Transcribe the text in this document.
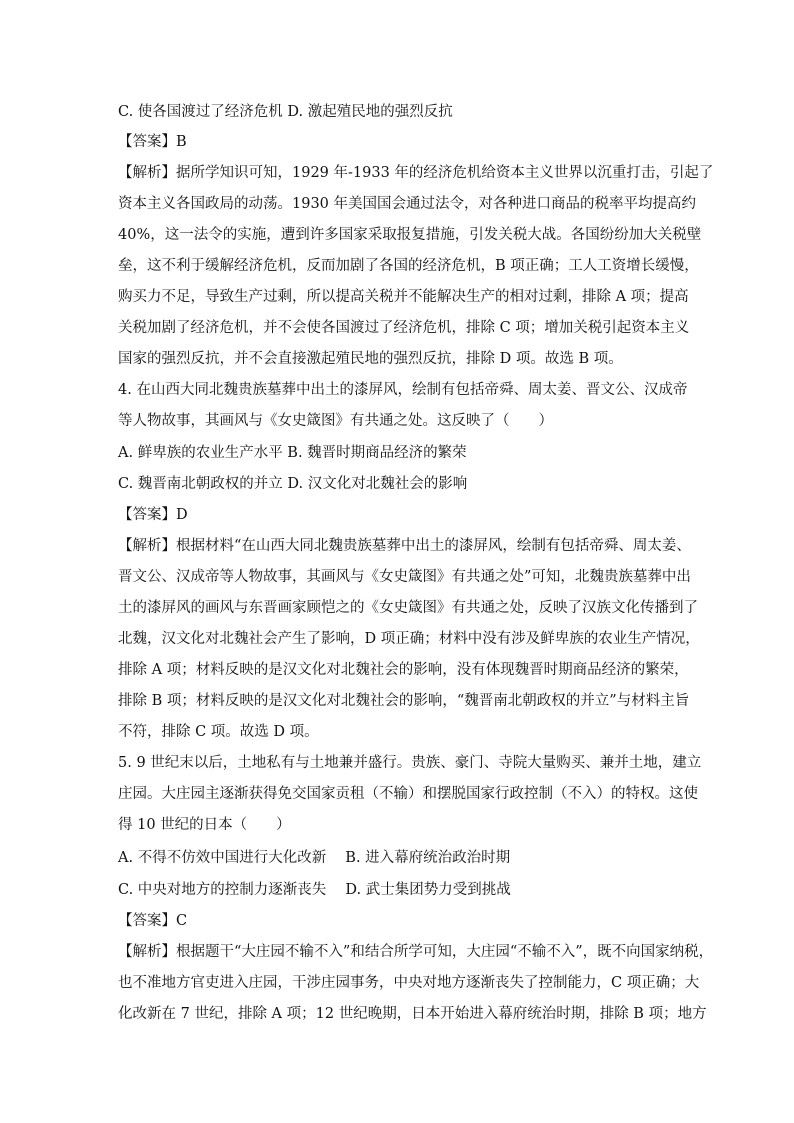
C. 使各国渡过了经济危机 D. 激起殖民地的强烈反抗
【答案】B
【解析】据所学知识可知，1929 年-1933 年的经济危机给资本主义世界以沉重打击，引起了
资本主义各国政局的动荡。1930 年美国国会通过法令，对各种进口商品的税率平均提高约
40%，这一法令的实施，遭到许多国家采取报复措施，引发关税大战。各国纷纷加大关税壁
垒，这不利于缓解经济危机，反而加剧了各国的经济危机，B 项正确；工人工资增长缓慢，
购买力不足，导致生产过剩，所以提高关税并不能解决生产的相对过剩，排除 A 项；提高
关税加剧了经济危机，并不会使各国渡过了经济危机，排除 C 项；增加关税引起资本主义
国家的强烈反抗，并不会直接激起殖民地的强烈反抗，排除 D 项。故选 B 项。
4. 在山西大同北魏贵族墓葬中出土的漆屏风，绘制有包括帝舜、周太姜、晋文公、汉成帝
等人物故事，其画风与《女史箴图》有共通之处。这反映了（　　）
A. 鲜卑族的农业生产水平 B. 魏晋时期商品经济的繁荣
C. 魏晋南北朝政权的并立 D. 汉文化对北魏社会的影响
【答案】D
【解析】根据材料“在山西大同北魏贵族墓葬中出土的漆屏风，绘制有包括帝舜、周太姜、
晋文公、汉成帝等人物故事，其画风与《女史箴图》有共通之处”可知，北魏贵族墓葬中出
土的漆屏风的画风与东晋画家顾恺之的《女史箴图》有共通之处，反映了汉族文化传播到了
北魏，汉文化对北魏社会产生了影响，D 项正确；材料中没有涉及鲜卑族的农业生产情况，
排除 A 项；材料反映的是汉文化对北魏社会的影响，没有体现魏晋时期商品经济的繁荣，
排除 B 项；材料反映的是汉文化对北魏社会的影响，“魏晋南北朝政权的并立”与材料主旨
不符，排除 C 项。故选 D 项。
5. 9 世纪末以后，土地私有与土地兼并盛行。贵族、豪门、寺院大量购买、兼并土地，建立
庄园。大庄园主逐渐获得免交国家贡租（不输）和摆脱国家行政控制（不入）的特权。这使
得 10 世纪的日本（　　）
A. 不得不仿效中国进行大化改新　 B. 进入幕府统治政治时期
C. 中央对地方的控制力逐渐丧失　 D. 武士集团势力受到挑战
【答案】C
【解析】根据题干“大庄园不输不入”和结合所学可知，大庄园“不输不入”，既不向国家纳税，
也不准地方官吏进入庄园，干涉庄园事务，中央对地方逐渐丧失了控制能力，C 项正确；大
化改新在 7 世纪，排除 A 项；12 世纪晚期，日本开始进入幕府统治时期，排除 B 项；地方
